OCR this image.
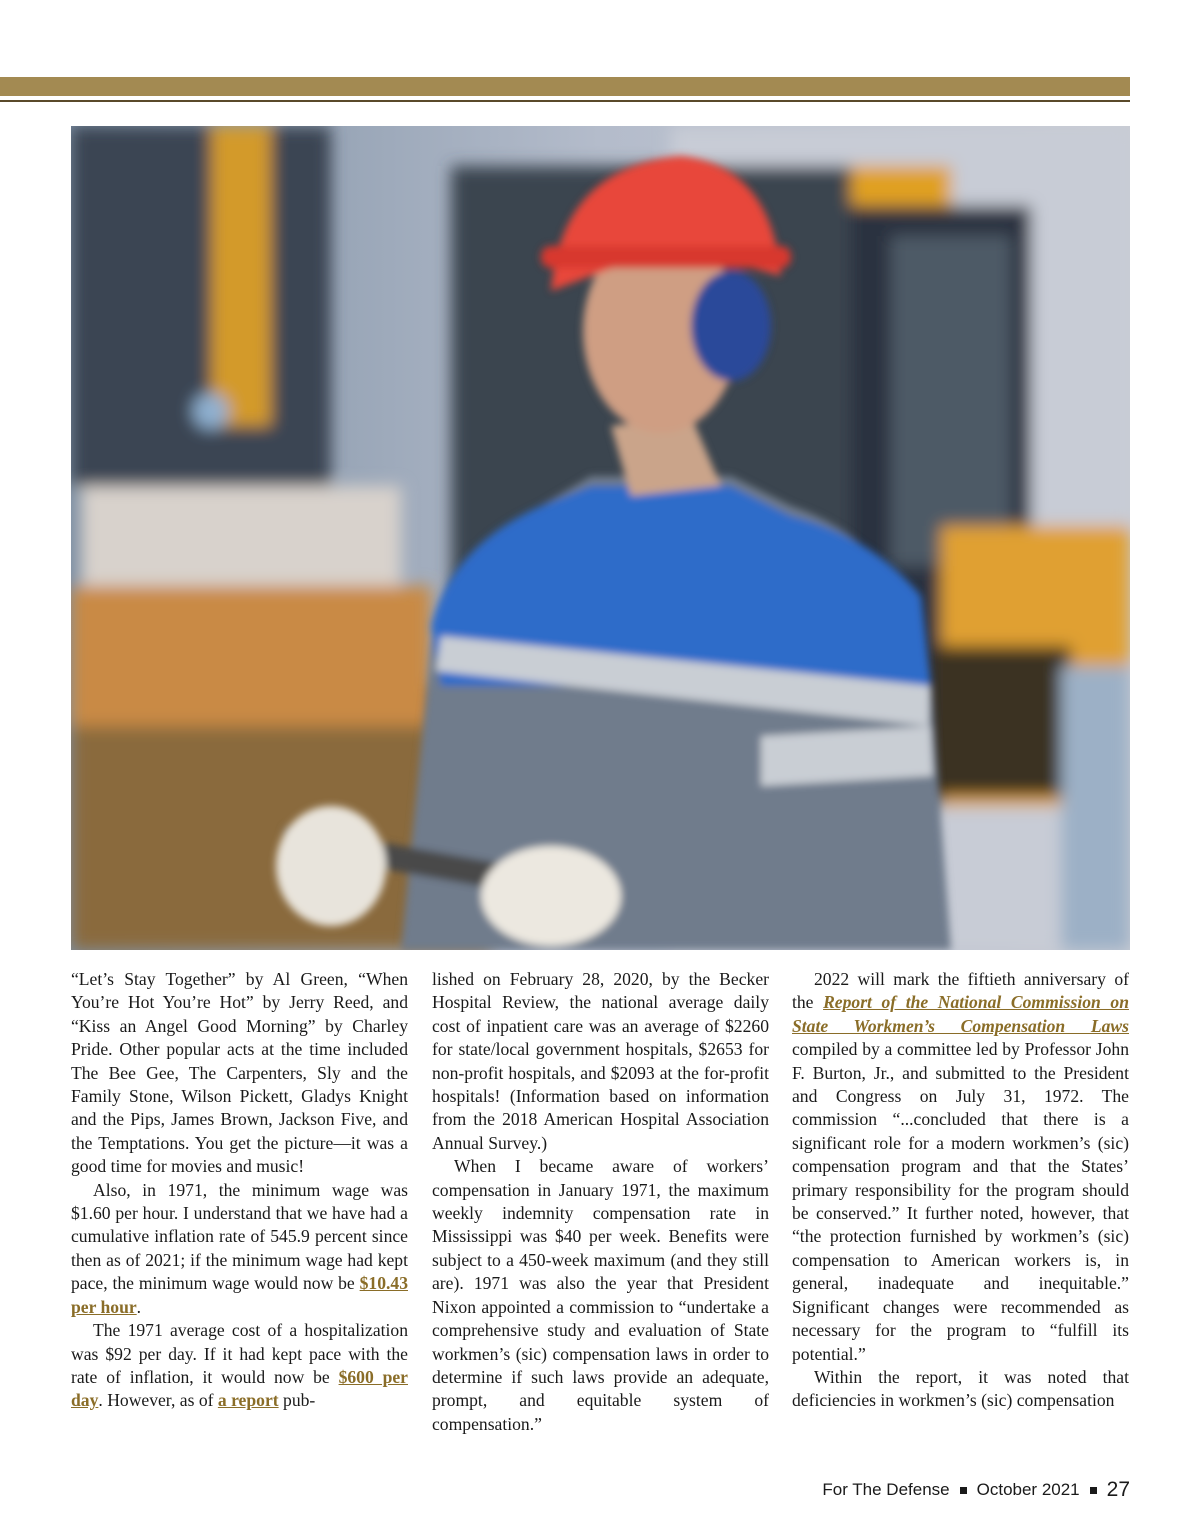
“Let’s Stay Together” by Al Green, “When You’re Hot You’re Hot” by Jerry Reed, and “Kiss an Angel Good Morning” by Charley Pride. Other popular acts at the time included The Bee Gee, The Carpenters, Sly and the Family Stone, Wilson Pickett, Gladys Knight and the Pips, James Brown, Jackson Five, and the Temptations. You get the picture—it was a good time for movies and music!

Also, in 1971, the minimum wage was $1.60 per hour. I understand that we have had a cumulative inflation rate of 545.9 percent since then as of 2021; if the minimum wage had kept pace, the minimum wage would now be $10.43 per hour.

The 1971 average cost of a hospitalization was $92 per day. If it had kept pace with the rate of inflation, it would now be $600 per day. However, as of a report pub-

lished on February 28, 2020, by the Becker Hospital Review, the national average daily cost of inpatient care was an average of $2260 for state/local government hospitals, $2653 for non-profit hospitals, and $2093 at the for-profit hospitals! (Information based on information from the 2018 American Hospital Association Annual Survey.)

When I became aware of workers’ compensation in January 1971, the maximum weekly indemnity compensation rate in Mississippi was $40 per week. Benefits were subject to a 450-week maximum (and they still are). 1971 was also the year that President Nixon appointed a commission to “undertake a comprehensive study and evaluation of State workmen’s (sic) compensation laws in order to determine if such laws provide an adequate, prompt, and equitable system of compensation.”

2022 will mark the fiftieth anniversary of the Report of the National Commission on State Workmen’s Compensation Laws compiled by a committee led by Professor John F. Burton, Jr., and submitted to the President and Congress on July 31, 1972. The commission “...concluded that there is a significant role for a modern workmen’s (sic) compensation program and that the States’ primary responsibility for the program should be conserved.” It further noted, however, that “the protection furnished by workmen’s (sic) compensation to American workers is, in general, inadequate and inequitable.” Significant changes were recommended as necessary for the program to “fulfill its potential.”

Within the report, it was noted that deficiencies in workmen’s (sic) compensation

For The Defense October 2021 27
